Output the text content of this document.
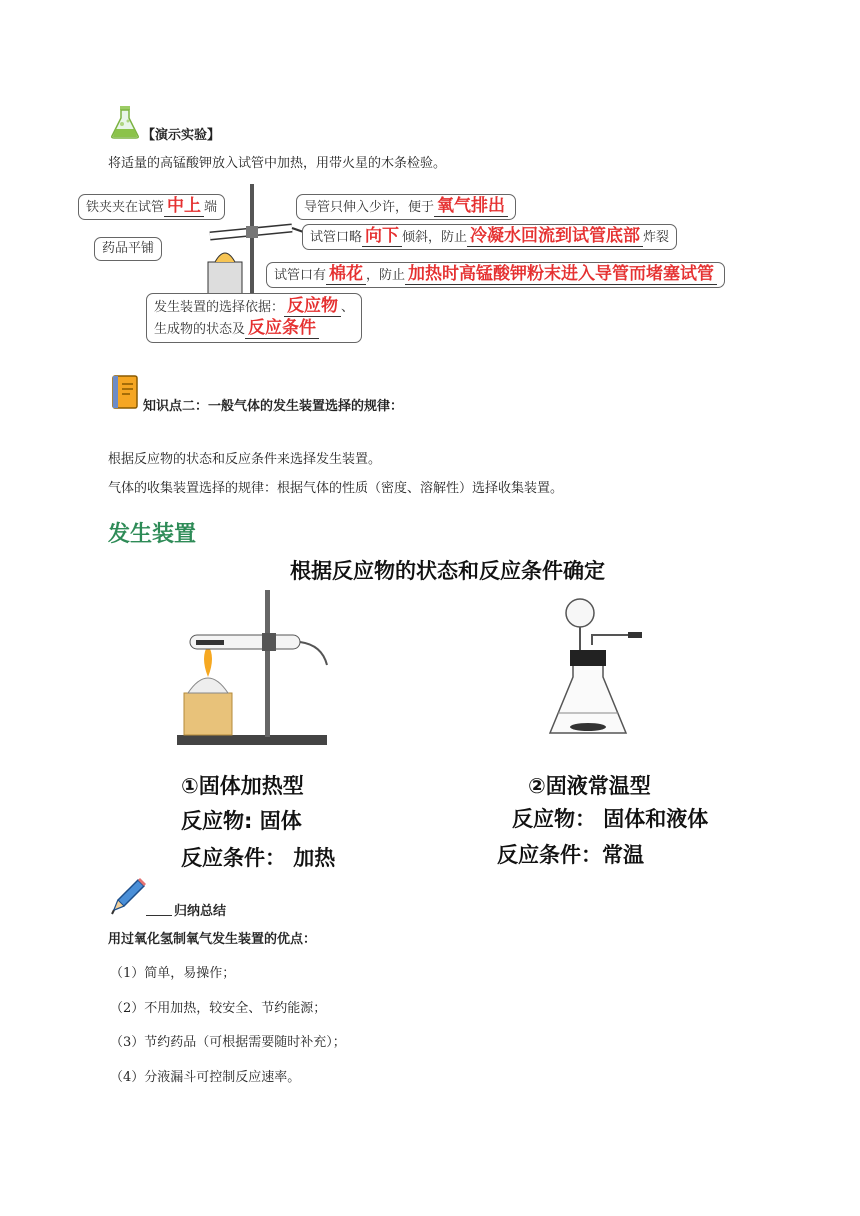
【演示实验】
将适量的高锰酸钾放入试管中加热，用带火星的木条检验。
铁夹夹在试管 中上 端	导管只伸入少许，便于 氧气排出
试管口略 向下 倾斜，防止 冷凝水回流到试管底部 炸裂
药品平铺
试管口有 棉花 ，防止 加热时高锰酸钾粉末进入导管而堵塞试管
发生装置的选择依据： 反应物 、
生成物的状态及 反应条件
知识点二：一般气体的发生装置选择的规律：
根据反应物的状态和反应条件来选择发生装置。
气体的收集装置选择的规律：根据气体的性质（密度、溶解性）选择收集装置。
发生装置
根据反应物的状态和反应条件确定
①固体加热型
反应物: 固体
反应条件： 加热
②固液常温型
反应物： 固体和液体
反应条件：常温
归纳总结
用过氧化氢制氧气发生装置的优点：
（1）简单，易操作；
（2）不用加热，较安全、节约能源；
（3）节约药品（可根据需要随时补充）；
（4）分液漏斗可控制反应速率。
